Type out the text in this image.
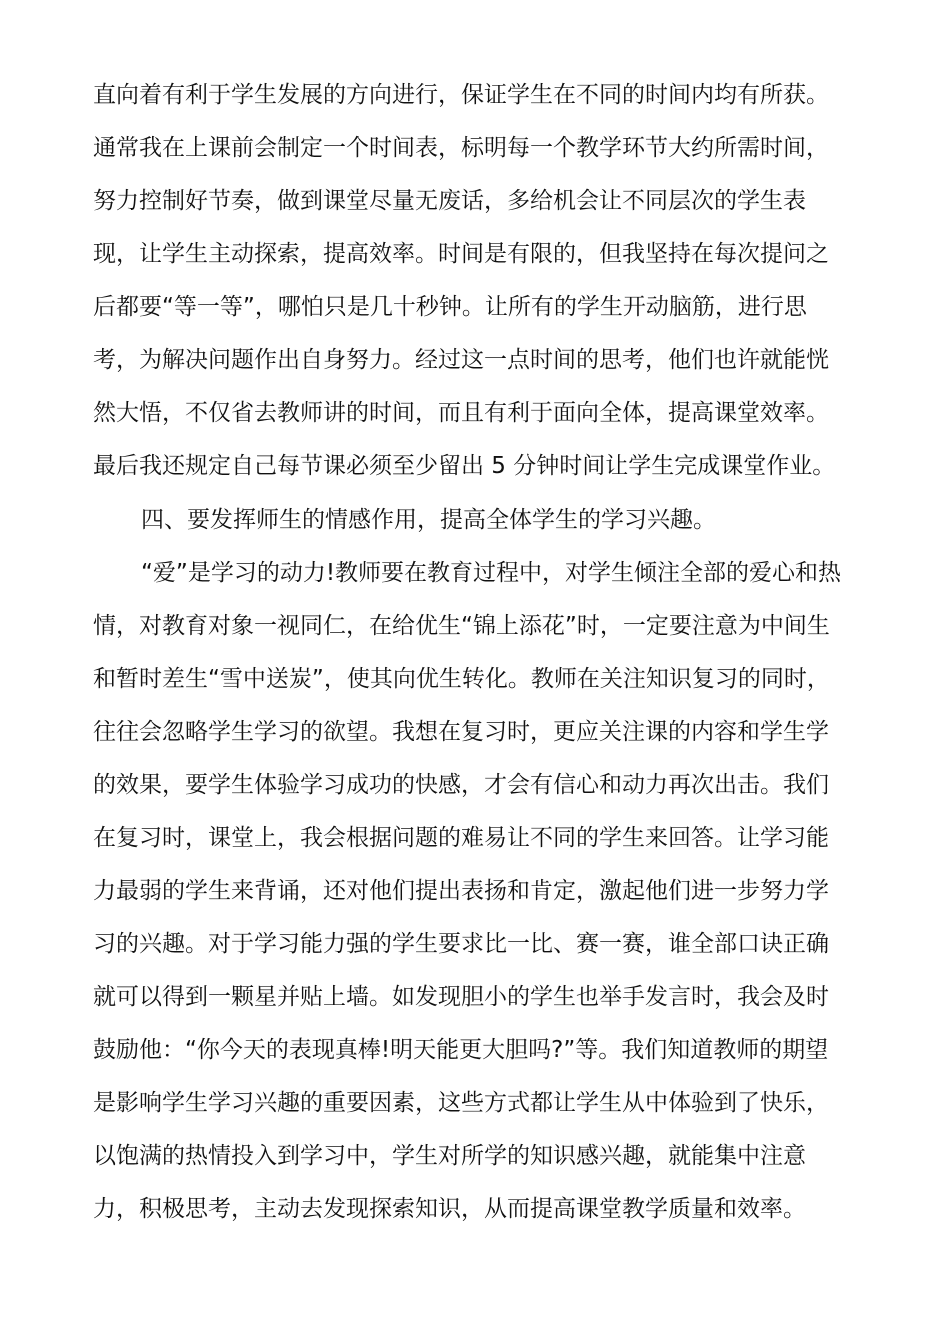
直向着有利于学生发展的方向进行，保证学生在不同的时间内均有所获。
通常我在上课前会制定一个时间表，标明每一个教学环节大约所需时间，
努力控制好节奏，做到课堂尽量无废话，多给机会让不同层次的学生表
现，让学生主动探索，提高效率。时间是有限的，但我坚持在每次提问之
后都要“等一等”，哪怕只是几十秒钟。让所有的学生开动脑筋，进行思
考，为解决问题作出自身努力。经过这一点时间的思考，他们也许就能恍
然大悟，不仅省去教师讲的时间，而且有利于面向全体，提高课堂效率。
最后我还规定自己每节课必须至少留出 5 分钟时间让学生完成课堂作业。
四、要发挥师生的情感作用，提高全体学生的学习兴趣。
“爱”是学习的动力!教师要在教育过程中，对学生倾注全部的爱心和热
情，对教育对象一视同仁，在给优生“锦上添花”时，一定要注意为中间生
和暂时差生“雪中送炭”，使其向优生转化。教师在关注知识复习的同时，
往往会忽略学生学习的欲望。我想在复习时，更应关注课的内容和学生学
的效果，要学生体验学习成功的快感，才会有信心和动力再次出击。我们
在复习时，课堂上，我会根据问题的难易让不同的学生来回答。让学习能
力最弱的学生来背诵，还对他们提出表扬和肯定，激起他们进一步努力学
习的兴趣。对于学习能力强的学生要求比一比、赛一赛，谁全部口诀正确
就可以得到一颗星并贴上墙。如发现胆小的学生也举手发言时，我会及时
鼓励他：“你今天的表现真棒!明天能更大胆吗?”等。我们知道教师的期望
是影响学生学习兴趣的重要因素，这些方式都让学生从中体验到了快乐，
以饱满的热情投入到学习中，学生对所学的知识感兴趣，就能集中注意
力，积极思考，主动去发现探索知识，从而提高课堂教学质量和效率。
